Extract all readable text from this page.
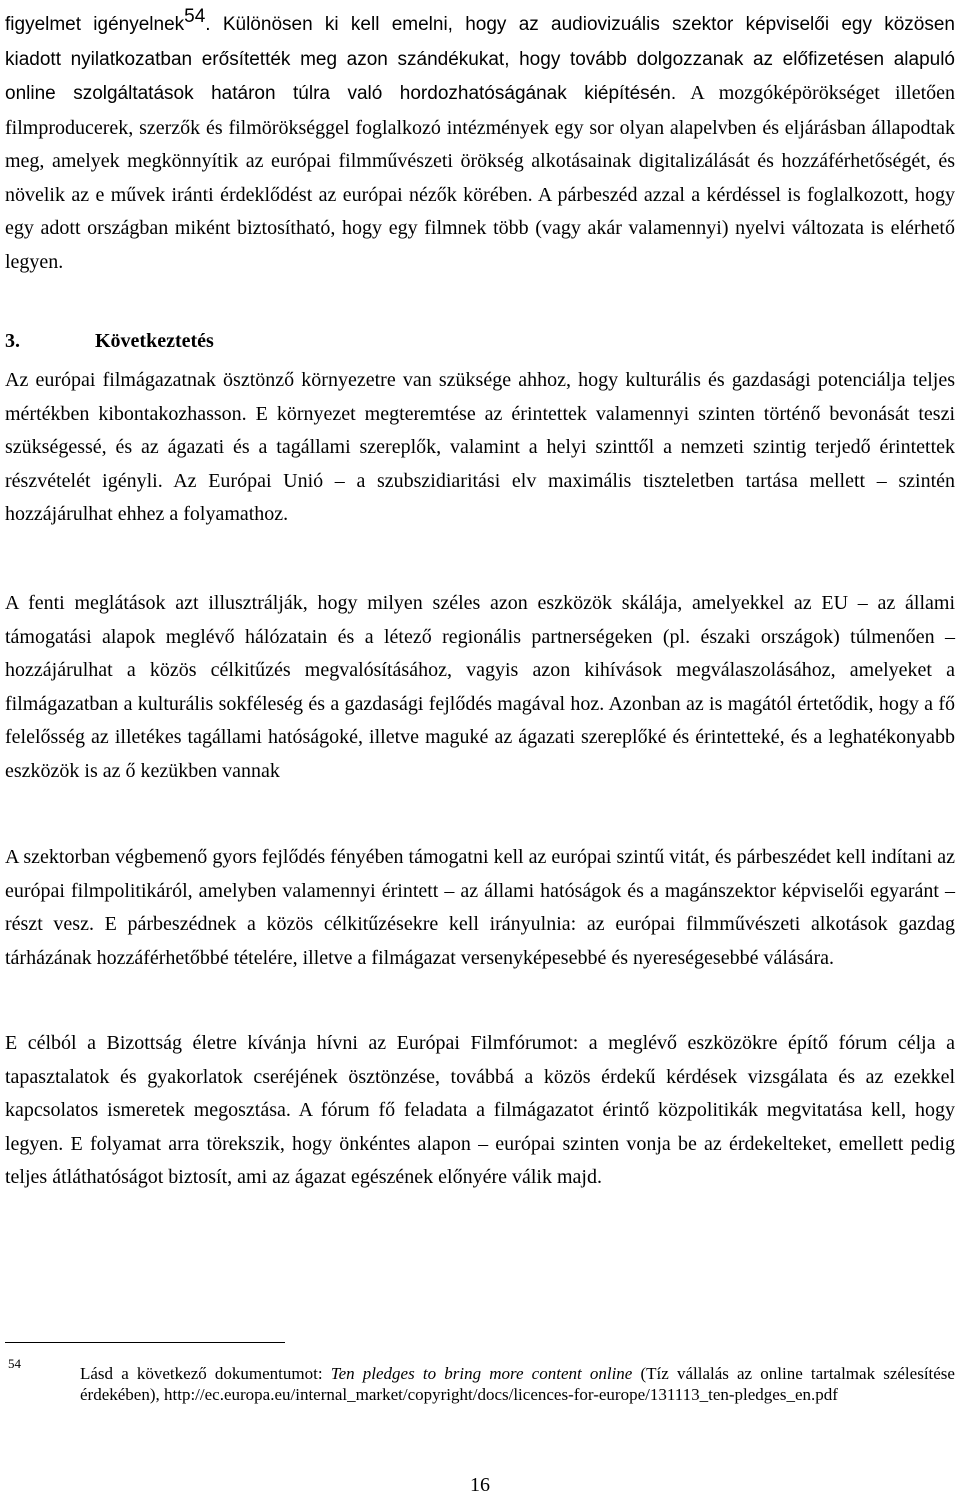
figyelmet igényelnek$^{54}$. Különösen ki kell emelni, hogy az audiovizuális szektor képviselői egy közösen kiadott nyilatkozatban erősítették meg azon szándékukat, hogy tovább dolgozzanak az előfizetésen alapuló online szolgáltatások határon túlra való hordozhatóságának kiépítésén. A mozgóképörökséget illetően filmproducerek, szerzők és filmörökséggel foglalkozó intézmények egy sor olyan alapelvben és eljárásban állapodtak meg, amelyek megkönnyítik az európai filmművészeti örökség alkotásainak digitalizálását és hozzáférhetőségét, és növelik az e művek iránti érdeklődést az európai nézők körében. A párbeszéd azzal a kérdéssel is foglalkozott, hogy egy adott országban miként biztosítható, hogy egy filmnek több (vagy akár valamennyi) nyelvi változata is elérhető legyen.

3.	Következtetés

Az európai filmágazatnak ösztönző környezetre van szüksége ahhoz, hogy kulturális és gazdasági potenciálja teljes mértékben kibontakozhasson. E környezet megteremtése az érintettek valamennyi szinten történő bevonását teszi szükségessé, és az ágazati és a tagállami szereplők, valamint a helyi szinttől a nemzeti szintig terjedő érintettek részvételét igényli. Az Európai Unió – a szubszidiaritási elv maximális tiszteletben tartása mellett – szintén hozzájárulhat ehhez a folyamathoz.

A fenti meglátások azt illusztrálják, hogy milyen széles azon eszközök skálája, amelyekkel az EU – az állami támogatási alapok meglévő hálózatain és a létező regionális partnerségeken (pl. északi országok) túlmenően – hozzájárulhat a közös célkitűzés megvalósításához, vagyis azon kihívások megválaszolásához, amelyeket a filmágazatban a kulturális sokféleség és a gazdasági fejlődés magával hoz. Azonban az is magától értetődik, hogy a fő felelősség az illetékes tagállami hatóságoké, illetve maguké az ágazati szereplőké és érintetteké, és a leghatékonyabb eszközök is az ő kezükben vannak

A szektorban végbemenő gyors fejlődés fényében támogatni kell az európai szintű vitát, és párbeszédet kell indítani az európai filmpolitikáról, amelyben valamennyi érintett – az állami hatóságok és a magánszektor képviselői egyaránt – részt vesz. E párbeszédnek a közös célkitűzésekre kell irányulnia: az európai filmművészeti alkotások gazdag tárházának hozzáférhetőbbé tételére, illetve a filmágazat versenyképesebbé és nyereségesebbé válására.

E célból a Bizottság életre kívánja hívni az Európai Filmfórumot: a meglévő eszközökre építő fórum célja a tapasztalatok és gyakorlatok cseréjének ösztönzése, továbbá a közös érdekű kérdések vizsgálata és az ezekkel kapcsolatos ismeretek megosztása. A fórum fő feladata a filmágazatot érintő közpolitikák megvitatása kell, hogy legyen. E folyamat arra törekszik, hogy önkéntes alapon – európai szinten vonja be az érdekelteket, emellett pedig teljes átláthatóságot biztosít, ami az ágazat egészének előnyére válik majd.

54
Lásd a következő dokumentumot: Ten pledges to bring more content online (Tíz vállalás az online tartalmak szélesítése érdekében), http://ec.europa.eu/internal_market/copyright/docs/licences-for-europe/131113_ten-pledges_en.pdf
16
